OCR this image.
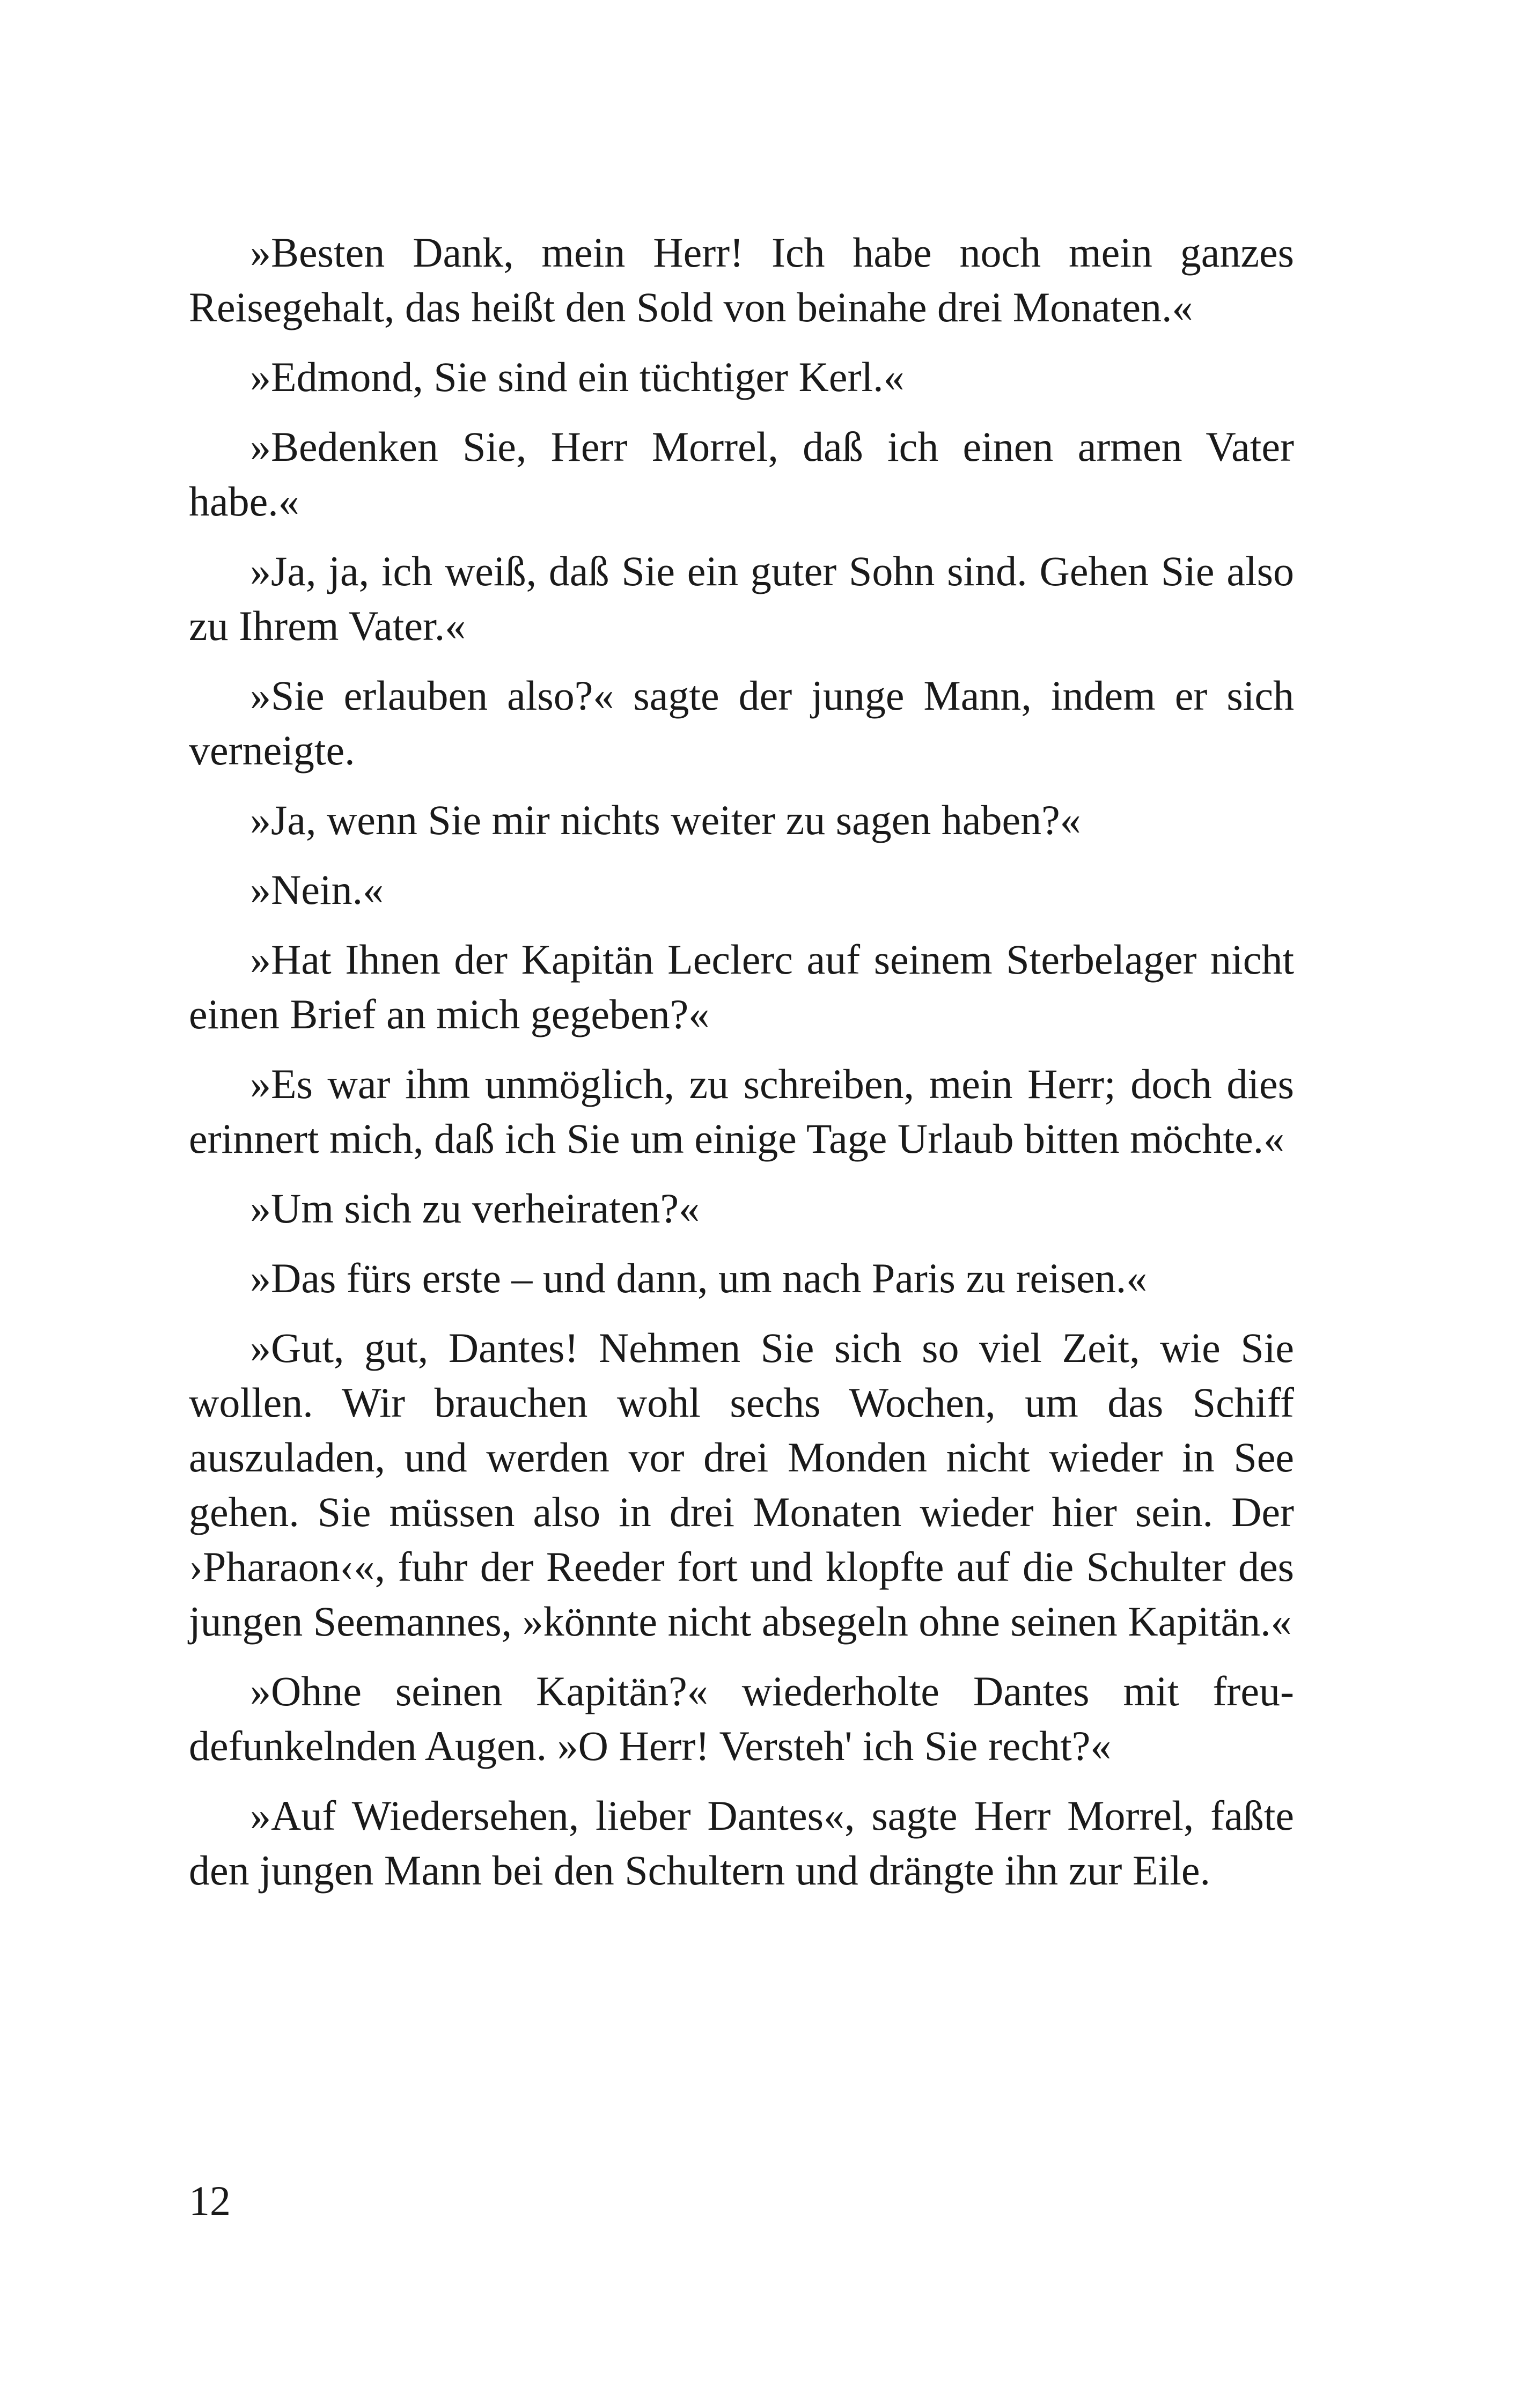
»Besten Dank, mein Herr! Ich habe noch mein ganzes Reisegehalt, das heißt den Sold von beinahe drei Monaten.«

»Edmond, Sie sind ein tüchtiger Kerl.«

»Bedenken Sie, Herr Morrel, daß ich einen armen Vater habe.«

»Ja, ja, ich weiß, daß Sie ein guter Sohn sind. Gehen Sie also zu Ihrem Vater.«

»Sie erlauben also?« sagte der junge Mann, indem er sich verneigte.

»Ja, wenn Sie mir nichts weiter zu sagen haben?«

»Nein.«

»Hat Ihnen der Kapitän Leclerc auf seinem Sterbelager nicht einen Brief an mich gegeben?«

»Es war ihm unmöglich, zu schreiben, mein Herr; doch dies erinnert mich, daß ich Sie um einige Tage Urlaub bitten möchte.«

»Um sich zu verheiraten?«

»Das fürs erste – und dann, um nach Paris zu reisen.«

»Gut, gut, Dantes! Nehmen Sie sich so viel Zeit, wie Sie wollen. Wir brauchen wohl sechs Wochen, um das Schiff auszuladen, und werden vor drei Monden nicht wieder in See gehen. Sie müssen also in drei Monaten wieder hier sein. Der ›Pharaon‹«, fuhr der Reeder fort und klopfte auf die Schulter des jungen Seemannes, »könnte nicht absegeln ohne seinen Kapitän.«

»Ohne seinen Kapitän?« wiederholte Dantes mit freudefunkelnden Augen. »O Herr! Versteh' ich Sie recht?«

»Auf Wiedersehen, lieber Dantes«, sagte Herr Morrel, faßte den jungen Mann bei den Schultern und drängte ihn zur Eile.

12
